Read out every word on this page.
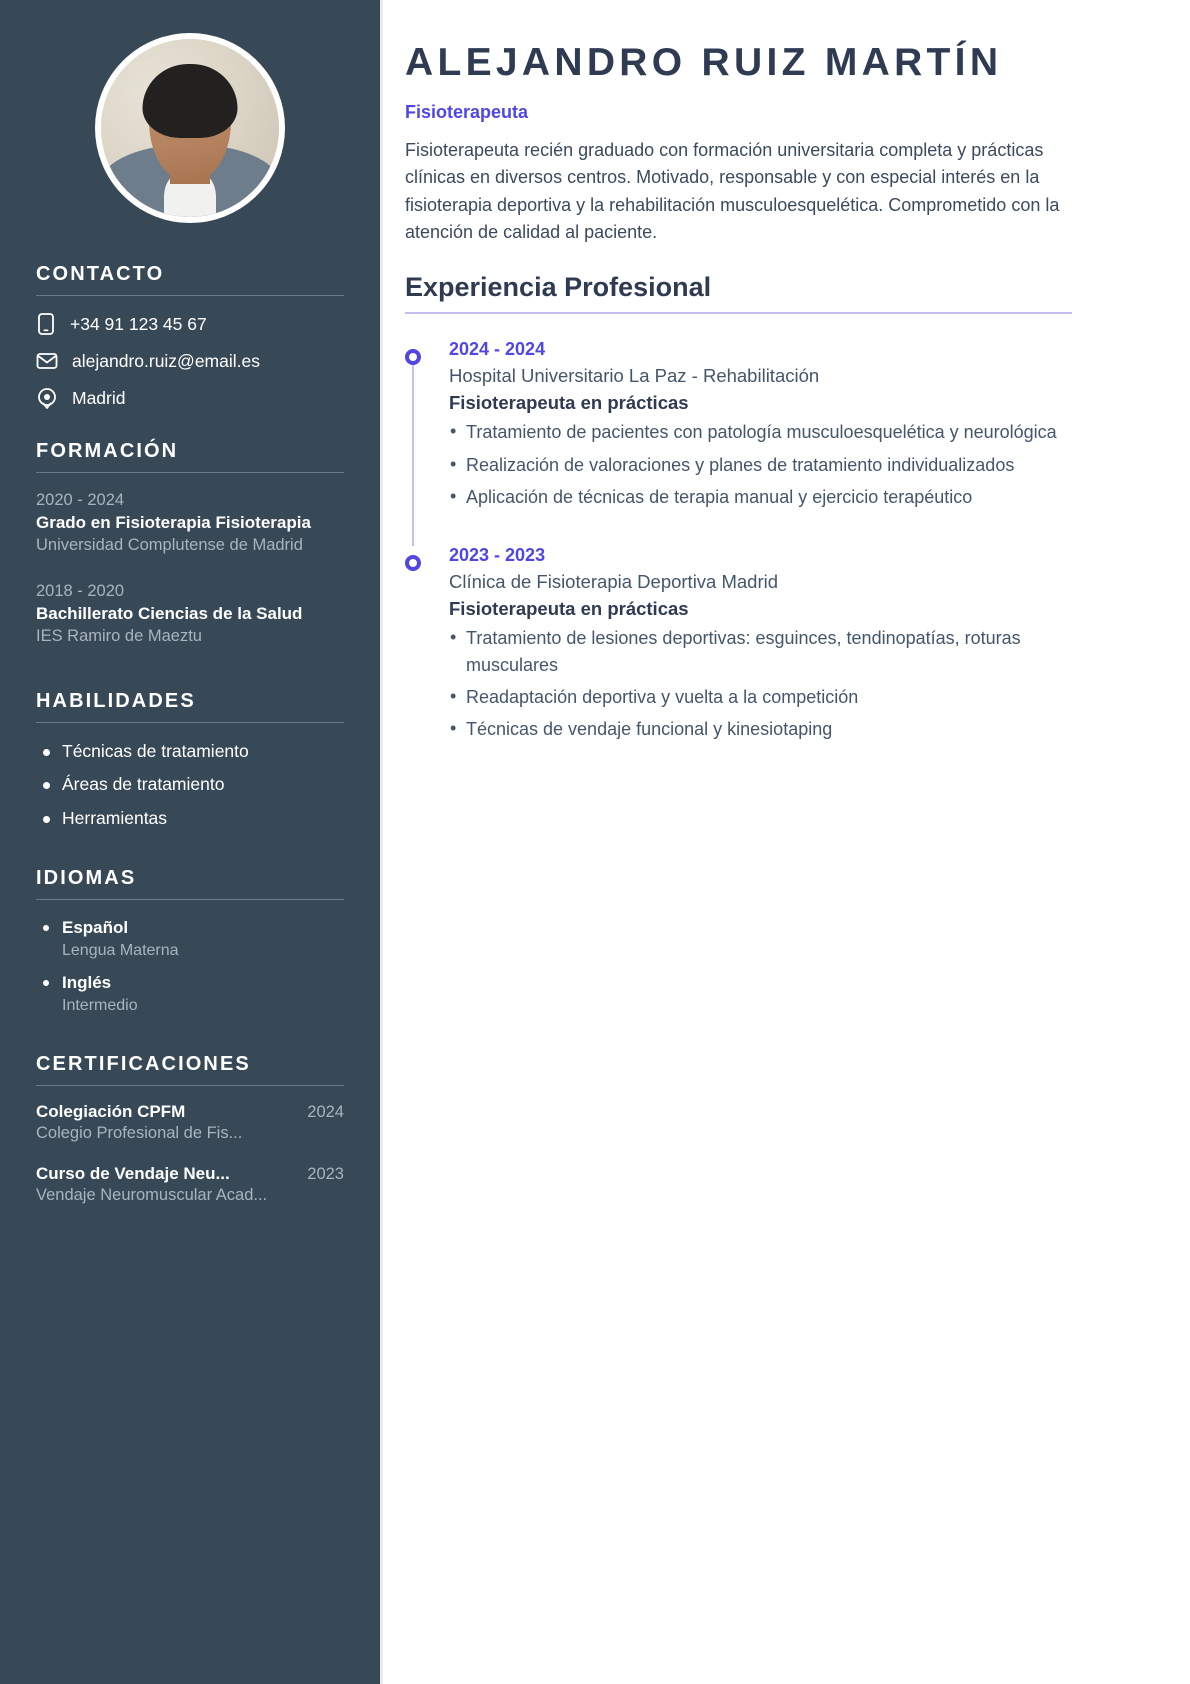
CONTACTO
+34 91 123 45 67
alejandro.ruiz@email.es
Madrid
FORMACIÓN
2020 - 2024
Grado en Fisioterapia Fisioterapia
Universidad Complutense de Madrid
2018 - 2020
Bachillerato Ciencias de la Salud
IES Ramiro de Maeztu
HABILIDADES
Técnicas de tratamiento
Áreas de tratamiento
Herramientas
IDIOMAS
Español
Lengua Materna
Inglés
Intermedio
CERTIFICACIONES
Colegiación CPFM	2024
Colegio Profesional de Fis...
Curso de Vendaje Neu...	2023
Vendaje Neuromuscular Acad...
ALEJANDRO RUIZ MARTÍN
Fisioterapeuta

Fisioterapeuta recién graduado con formación universitaria completa y prácticas clínicas en diversos centros. Motivado, responsable y con especial interés en la fisioterapia deportiva y la rehabilitación musculoesquelética. Comprometido con la atención de calidad al paciente.

Experiencia Profesional
2024 - 2024
Hospital Universitario La Paz - Rehabilitación
Fisioterapeuta en prácticas
• Tratamiento de pacientes con patología musculoesquelética y neurológica
• Realización de valoraciones y planes de tratamiento individualizados
• Aplicación de técnicas de terapia manual y ejercicio terapéutico
2023 - 2023
Clínica de Fisioterapia Deportiva Madrid
Fisioterapeuta en prácticas
• Tratamiento de lesiones deportivas: esguinces, tendinopatías, roturas musculares
• Readaptación deportiva y vuelta a la competición
• Técnicas de vendaje funcional y kinesiotaping
